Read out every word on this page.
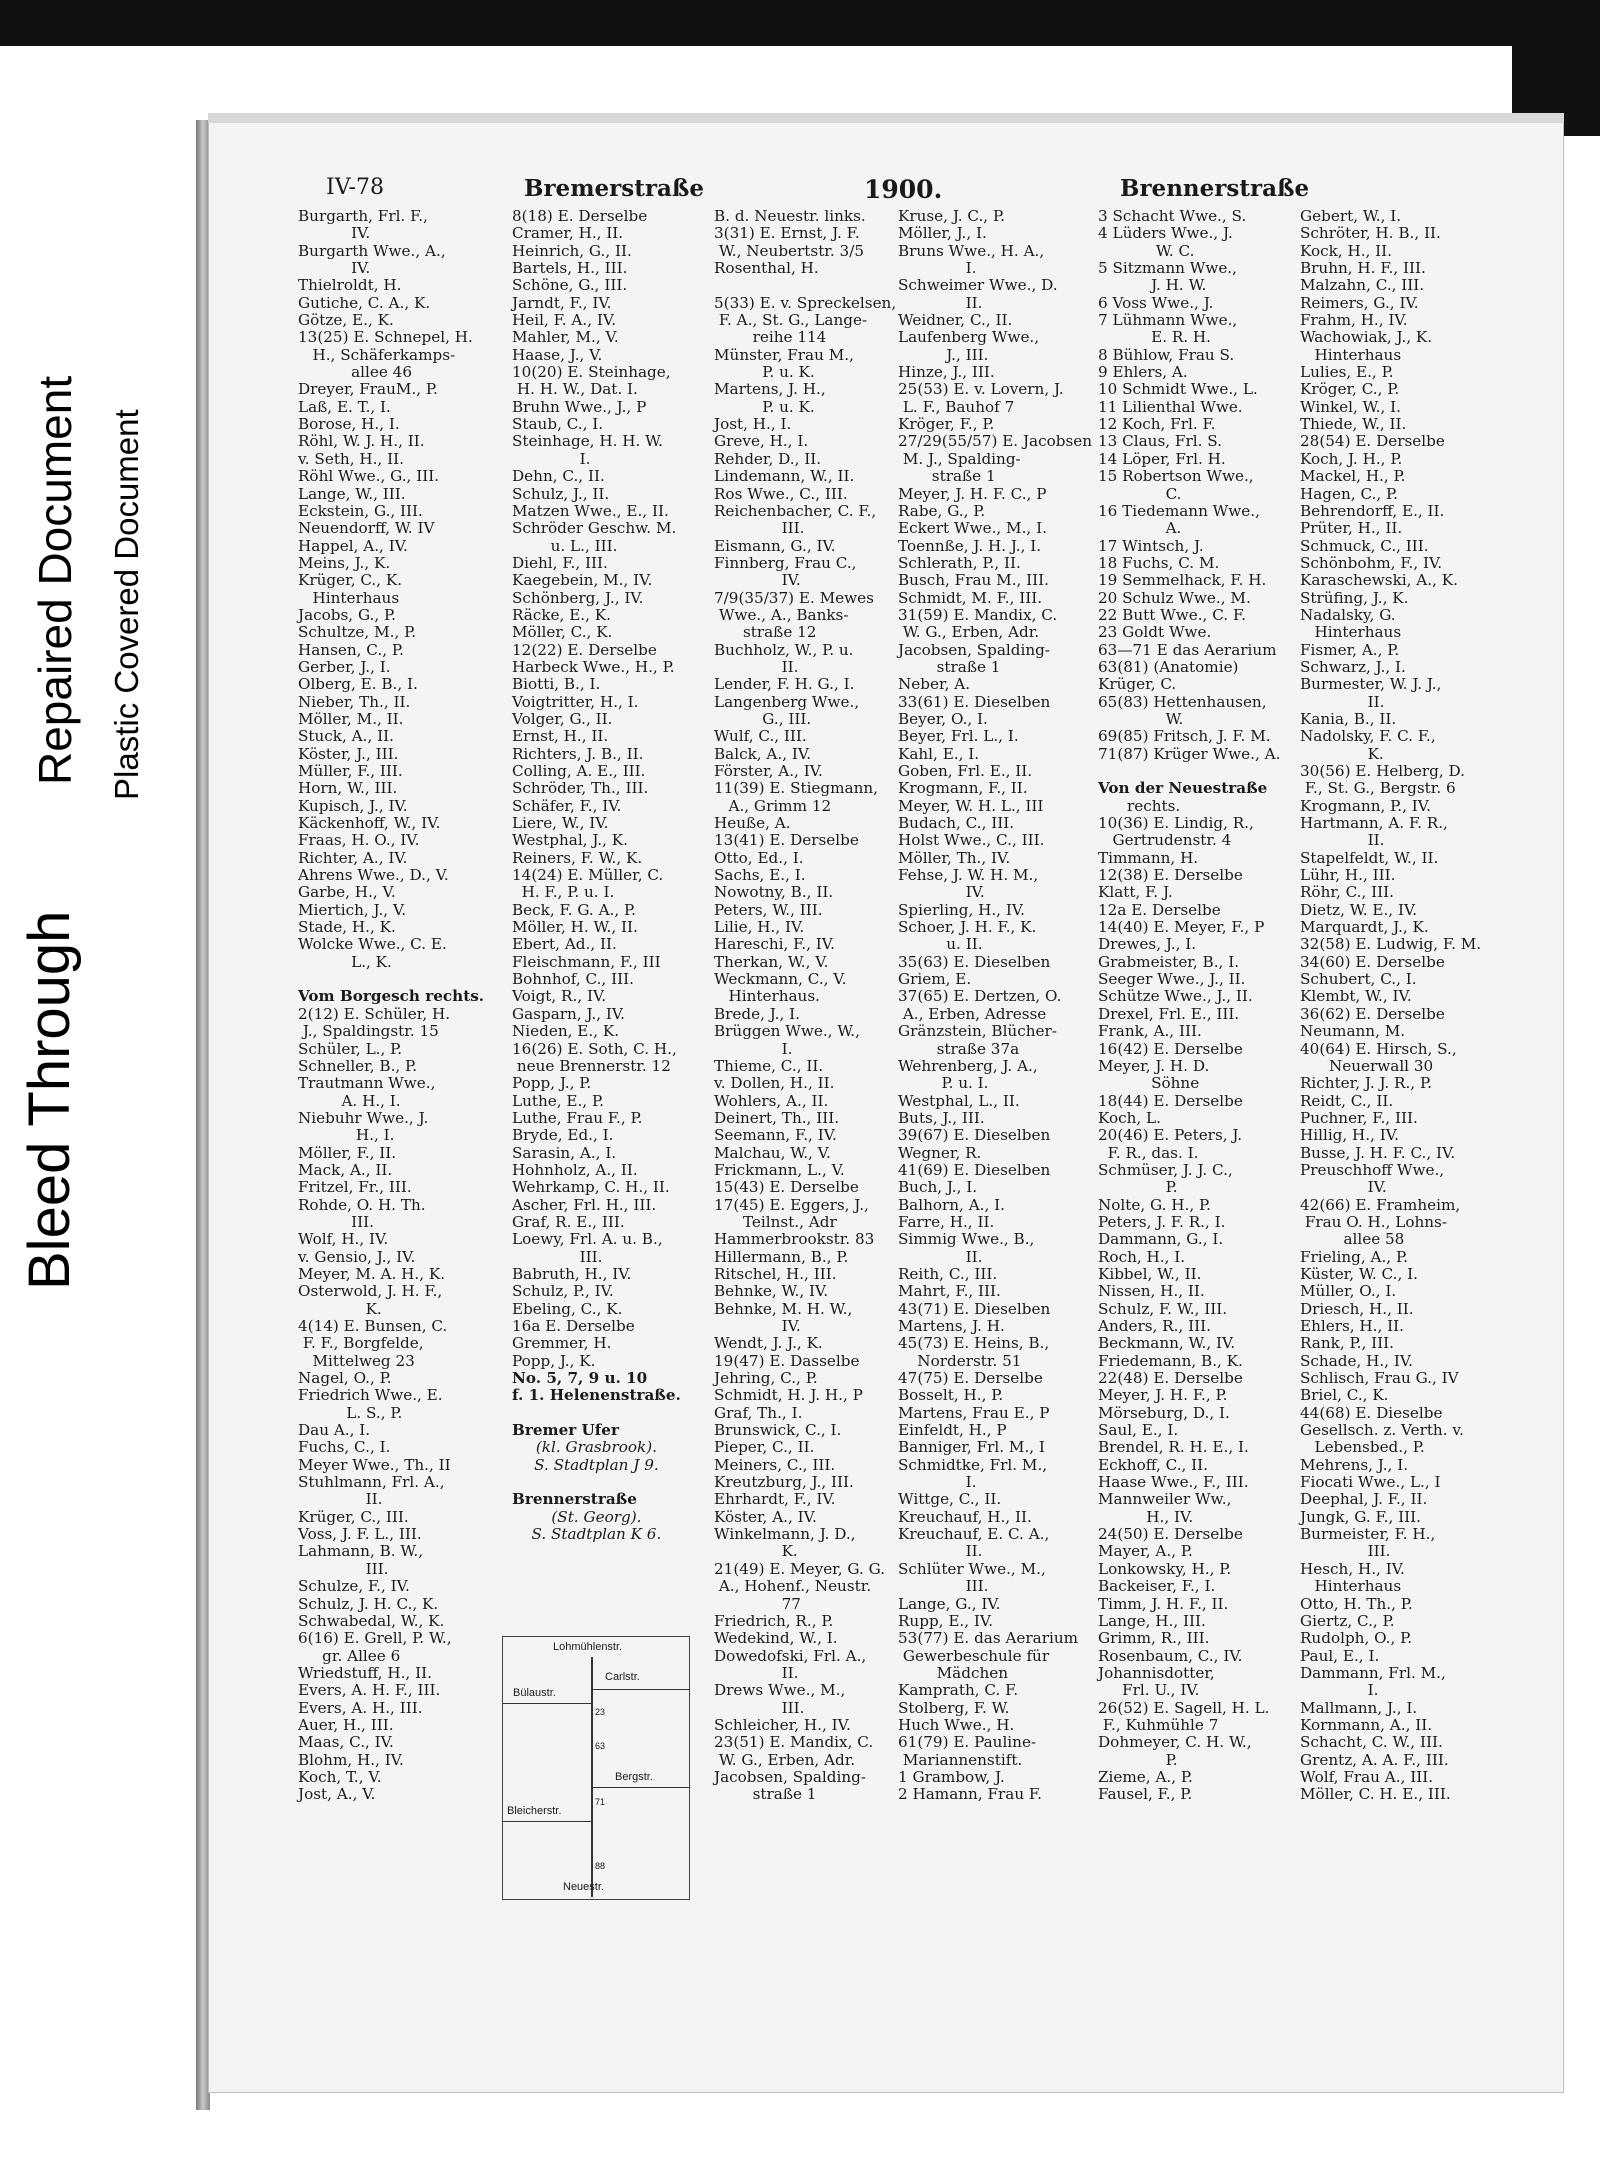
Bleed Through
Repaired Document Plastic Covered Document
IV-78	Bremerstraße	1900.	Brennerstraße
Burgarth, Frl. F.,
IV.
Burgarth Wwe., A.,
IV.
Thielroldt, H.
Gutiche, C. A., K.
Götze, E., K.
13(25) E. Schnepel, H.
H., Schäferkamps-
allee 46
Dreyer, FrauM., P.
Laß, E. T., I.
Borose, H., I.
Röhl, W. J. H., II.
v. Seth, H., II.
Röhl Wwe., G., III.
Lange, W., III.
Eckstein, G., III.
Neuendorff, W. IV
Happel, A., IV.
Meins, J., K.
Krüger, C., K.
Hinterhaus
Jacobs, G., P.
Schultze, M., P.
Hansen, C., P.
Gerber, J., I.
Olberg, E. B., I.
Nieber, Th., II.
Möller, M., II.
Stuck, A., II.
Köster, J., III.
Müller, F., III.
Horn, W., III.
Kupisch, J., IV.
Käckenhoff, W., IV.
Fraas, H. O., IV.
Richter, A., IV.
Ahrens Wwe., D., V.
Garbe, H., V.
Miertich, J., V.
Stade, H., K.
Wolcke Wwe., C. E.
L., K.
Vom Borgesch rechts.
2(12) E. Schüler, H.
J., Spaldingstr. 15
Schüler, L., P.
Schneller, B., P.
Trautmann Wwe.,
A. H., I.
Niebuhr Wwe., J.
H., I.
Möller, F., II.
Mack, A., II.
Fritzel, Fr., III.
Rohde, O. H. Th.
III.
Wolf, H., IV.
v. Gensio, J., IV.
Meyer, M. A. H., K.
Osterwold, J. H. F.,
K.
4(14) E. Bunsen, C.
F. F., Borgfelde,
Mittelweg 23
Nagel, O., P.
Friedrich Wwe., E.
L. S., P.
Dau A., I.
Fuchs, C., I.
Meyer Wwe., Th., II
Stuhlmann, Frl. A.,
II.
Krüger, C., III.
Voss, J. F. L., III.
Lahmann, B. W.,
III.
Schulze, F., IV.
Schulz, J. H. C., K.
Schwabedal, W., K.
6(16) E. Grell, P. W.,
gr. Allee 6
Wriedstuff, H., II.
Evers, A. H. F., III.
Evers, A. H., III.
Auer, H., III.
Maas, C., IV.
Blohm, H., IV.
Koch, T., V.
Jost, A., V.
8(18) E. Derselbe
Cramer, H., II.
Heinrich, G., II.
Bartels, H., III.
Schöne, G., III.
Jarndt, F., IV.
Heil, F. A., IV.
Mahler, M., V.
Haase, J., V.
10(20) E. Steinhage,
H. H. W., Dat. I.
Bruhn Wwe., J., P
Staub, C., I.
Steinhage, H. H. W.
I.
Dehn, C., II.
Schulz, J., II.
Matzen Wwe., E., II.
Schröder Geschw. M.
u. L., III.
Diehl, F., III.
Kaegebein, M., IV.
Schönberg, J., IV.
Räcke, E., K.
Möller, C., K.
12(22) E. Derselbe
Harbeck Wwe., H., P.
Biotti, B., I.
Voigtritter, H., I.
Volger, G., II.
Ernst, H., II.
Richters, J. B., II.
Colling, A. E., III.
Schröder, Th., III.
Schäfer, F., IV.
Liere, W., IV.
Westphal, J., K.
Reiners, F. W., K.
14(24) E. Müller, C.
H. F., P. u. I.
Beck, F. G. A., P.
Möller, H. W., II.
Ebert, Ad., II.
Fleischmann, F., III
Bohnhof, C., III.
Voigt, R., IV.
Gasparn, J., IV.
Nieden, E., K.
16(26) E. Soth, C. H.,
neue Brennerstr. 12
Popp, J., P.
Luthe, E., P.
Luthe, Frau F., P.
Bryde, Ed., I.
Sarasin, A., I.
Hohnholz, A., II.
Wehrkamp, C. H., II.
Ascher, Frl. H., III.
Graf, R. E., III.
Loewy, Frl. A. u. B.,
III.
Babruth, H., IV.
Schulz, P., IV.
Ebeling, C., K.
16a E. Derselbe
Gremmer, H.
Popp, J., K.
No. 5, 7, 9 u. 10
f. 1. Helenenstraße.
Bremer Ufer
(kl. Grasbrook).
S. Stadtplan J 9.
Brennerstraße
(St. Georg).
S. Stadtplan K 6.
B. d. Neuestr. links.
3(31) E. Ernst, J. F.
W., Neubertstr. 3/5
Rosenthal, H.
5(33) E. v. Spreckelsen,
F. A., St. G., Lange-
reihe 114
Münster, Frau M.,
P. u. K.
Martens, J. H.,
P. u. K.
Jost, H., I.
Greve, H., I.
Rehder, D., II.
Lindemann, W., II.
Ros Wwe., C., III.
Reichenbacher, C. F.,
III.
Eismann, G., IV.
Finnberg, Frau C.,
IV.
7/9(35/37) E. Mewes
Wwe., A., Banks-
straße 12
Buchholz, W., P. u.
II.
Lender, F. H. G., I.
Langenberg Wwe.,
G., III.
Wulf, C., III.
Balck, A., IV.
Förster, A., IV.
11(39) E. Stiegmann,
A., Grimm 12
Heuße, A.
13(41) E. Derselbe
Otto, Ed., I.
Sachs, E., I.
Nowotny, B., II.
Peters, W., III.
Lilie, H., IV.
Hareschi, F., IV.
Therkan, W., V.
Weckmann, C., V.
Hinterhaus.
Brede, J., I.
Brüggen Wwe., W.,
I.
Thieme, C., II.
v. Dollen, H., II.
Wohlers, A., II.
Deinert, Th., III.
Seemann, F., IV.
Malchau, W., V.
Frickmann, L., V.
15(43) E. Derselbe
17(45) E. Eggers, J.,
Teilnst., Adr
Hammerbrookstr. 83
Hillermann, B., P.
Ritschel, H., III.
Behnke, W., IV.
Behnke, M. H. W.,
IV.
Wendt, J. J., K.
19(47) E. Dasselbe
Jehring, C., P.
Schmidt, H. J. H., P
Graf, Th., I.
Brunswick, C., I.
Pieper, C., II.
Meiners, C., III.
Kreutzburg, J., III.
Ehrhardt, F., IV.
Köster, A., IV.
Winkelmann, J. D.,
K.
21(49) E. Meyer, G. G.
A., Hohenf., Neustr.
77
Friedrich, R., P.
Wedekind, W., I.
Dowedofski, Frl. A.,
II.
Drews Wwe., M.,
III.
Schleicher, H., IV.
23(51) E. Mandix, C.
W. G., Erben, Adr.
Jacobsen, Spalding-
straße 1
Kruse, J. C., P.
Möller, J., I.
Bruns Wwe., H. A.,
I.
Schweimer Wwe., D.
II.
Weidner, C., II.
Laufenberg Wwe.,
J., III.
Hinze, J., III.
25(53) E. v. Lovern, J.
L. F., Bauhof 7
Kröger, F., P.
27/29(55/57) E. Jacobsen
M. J., Spalding-
straße 1
Meyer, J. H. F. C., P
Rabe, G., P.
Eckert Wwe., M., I.
Toennße, J. H. J., I.
Schlerath, P., II.
Busch, Frau M., III.
Schmidt, M. F., III.
31(59) E. Mandix, C.
W. G., Erben, Adr.
Jacobsen, Spalding-
straße 1
Neber, A.
33(61) E. Dieselben
Beyer, O., I.
Beyer, Frl. L., I.
Kahl, E., I.
Goben, Frl. E., II.
Krogmann, F., II.
Meyer, W. H. L., III
Budach, C., III.
Holst Wwe., C., III.
Möller, Th., IV.
Fehse, J. W. H. M.,
IV.
Spierling, H., IV.
Schoer, J. H. F., K.
u. II.
35(63) E. Dieselben
Griem, E.
37(65) E. Dertzen, O.
A., Erben, Adresse
Gränzstein, Blücher-
straße 37a
Wehrenberg, J. A.,
P. u. I.
Westphal, L., II.
Buts, J., III.
39(67) E. Dieselben
Wegner, R.
41(69) E. Dieselben
Buch, J., I.
Balhorn, A., I.
Farre, H., II.
Simmig Wwe., B.,
II.
Reith, C., III.
Mahrt, F., III.
43(71) E. Dieselben
Martens, J. H.
45(73) E. Heins, B.,
Norderstr. 51
47(75) E. Derselbe
Bosselt, H., P.
Martens, Frau E., P
Einfeldt, H., P
Banniger, Frl. M., I
Schmidtke, Frl. M.,
I.
Wittge, C., II.
Kreuchauf, H., II.
Kreuchauf, E. C. A.,
II.
Schlüter Wwe., M.,
III.
Lange, G., IV.
Rupp, E., IV.
53(77) E. das Aerarium
Gewerbeschule für
Mädchen
Kamprath, C. F.
Stolberg, F. W.
Huch Wwe., H.
61(79) E. Pauline-
Mariannenstift.
1 Grambow, J.
2 Hamann, Frau F.
3 Schacht Wwe., S.
4 Lüders Wwe., J.
W. C.
5 Sitzmann Wwe.,
J. H. W.
6 Voss Wwe., J.
7 Lühmann Wwe.,
E. R. H.
8 Bühlow, Frau S.
9 Ehlers, A.
10 Schmidt Wwe., L.
11 Lilienthal Wwe.
12 Koch, Frl. F.
13 Claus, Frl. S.
14 Löper, Frl. H.
15 Robertson Wwe.,
C.
16 Tiedemann Wwe.,
A.
17 Wintsch, J.
18 Fuchs, C. M.
19 Semmelhack, F. H.
20 Schulz Wwe., M.
22 Butt Wwe., C. F.
23 Goldt Wwe.
63—71 E das Aerarium
63(81) (Anatomie)
Krüger, C.
65(83) Hettenhausen,
W.
69(85) Fritsch, J. F. M.
71(87) Krüger Wwe., A.
Von der Neuestraße
rechts.
10(36) E. Lindig, R.,
Gertrudenstr. 4
Timmann, H.
12(38) E. Derselbe
Klatt, F. J.
12a E. Derselbe
14(40) E. Meyer, F., P
Drewes, J., I.
Grabmeister, B., I.
Seeger Wwe., J., II.
Schütze Wwe., J., II.
Drexel, Frl. E., III.
Frank, A., III.
16(42) E. Derselbe
Meyer, J. H. D.
Söhne
18(44) E. Derselbe
Koch, L.
20(46) E. Peters, J.
F. R., das. I.
Schmüser, J. J. C.,
P.
Nolte, G. H., P.
Peters, J. F. R., I.
Dammann, G., I.
Roch, H., I.
Kibbel, W., II.
Nissen, H., II.
Schulz, F. W., III.
Anders, R., III.
Beckmann, W., IV.
Friedemann, B., K.
22(48) E. Derselbe
Meyer, J. H. F., P.
Mörseburg, D., I.
Saul, E., I.
Brendel, R. H. E., I.
Eckhoff, C., II.
Haase Wwe., F., III.
Mannweiler Ww.,
H., IV.
24(50) E. Derselbe
Mayer, A., P.
Lonkowsky, H., P.
Backeiser, F., I.
Timm, J. H. F., II.
Lange, H., III.
Grimm, R., III.
Rosenbaum, C., IV.
Johannisdotter,
Frl. U., IV.
26(52) E. Sagell, H. L.
F., Kuhmühle 7
Dohmeyer, C. H. W.,
P.
Zieme, A., P.
Fausel, F., P.
Gebert, W., I.
Schröter, H. B., II.
Kock, H., II.
Bruhn, H. F., III.
Malzahn, C., III.
Reimers, G., IV.
Frahm, H., IV.
Wachowiak, J., K.
Hinterhaus
Lulies, E., P.
Kröger, C., P.
Winkel, W., I.
Thiede, W., II.
28(54) E. Derselbe
Koch, J. H., P.
Mackel, H., P.
Hagen, C., P.
Behrendorff, E., II.
Prüter, H., II.
Schmuck, C., III.
Schönbohm, F., IV.
Karaschewski, A., K.
Strüfing, J., K.
Nadalsky, G.
Hinterhaus
Fismer, A., P.
Schwarz, J., I.
Burmester, W. J. J.,
II.
Kania, B., II.
Nadolsky, F. C. F.,
K.
30(56) E. Helberg, D.
F., St. G., Bergstr. 6
Krogmann, P., IV.
Hartmann, A. F. R.,
II.
Stapelfeldt, W., II.
Lühr, H., III.
Röhr, C., III.
Dietz, W. E., IV.
Marquardt, J., K.
32(58) E. Ludwig, F. M.
34(60) E. Derselbe
Schubert, C., I.
Klembt, W., IV.
36(62) E. Derselbe
Neumann, M.
40(64) E. Hirsch, S.,
Neuerwall 30
Richter, J. J. R., P.
Reidt, C., II.
Puchner, F., III.
Hillig, H., IV.
Busse, J. H. F. C., IV.
Preuschhoff Wwe.,
IV.
42(66) E. Framheim,
Frau O. H., Lohns-
allee 58
Frieling, A., P.
Küster, W. C., I.
Müller, O., I.
Driesch, H., II.
Ehlers, H., II.
Rank, P., III.
Schade, H., IV.
Schlisch, Frau G., IV
Briel, C., K.
44(68) E. Dieselbe
Gesellsch. z. Verth. v.
Lebensbed., P.
Mehrens, J., I.
Fiocati Wwe., L., I
Deephal, J. F., II.
Jungk, G. F., III.
Burmeister, F. H.,
III.
Hesch, H., IV.
Hinterhaus
Otto, H. Th., P.
Giertz, C., P.
Rudolph, O., P.
Paul, E., I.
Dammann, Frl. M.,
I.
Mallmann, J., I.
Kornmann, A., II.
Schacht, C. W., III.
Grentz, A. A. F., III.
Wolf, Frau A., III.
Möller, C. H. E., III.
Lohmühlenstr.
Carlstr.
Bülaustr.
Bergstr.
Bleicherstr.
Neuestr.
23
63
71
88
